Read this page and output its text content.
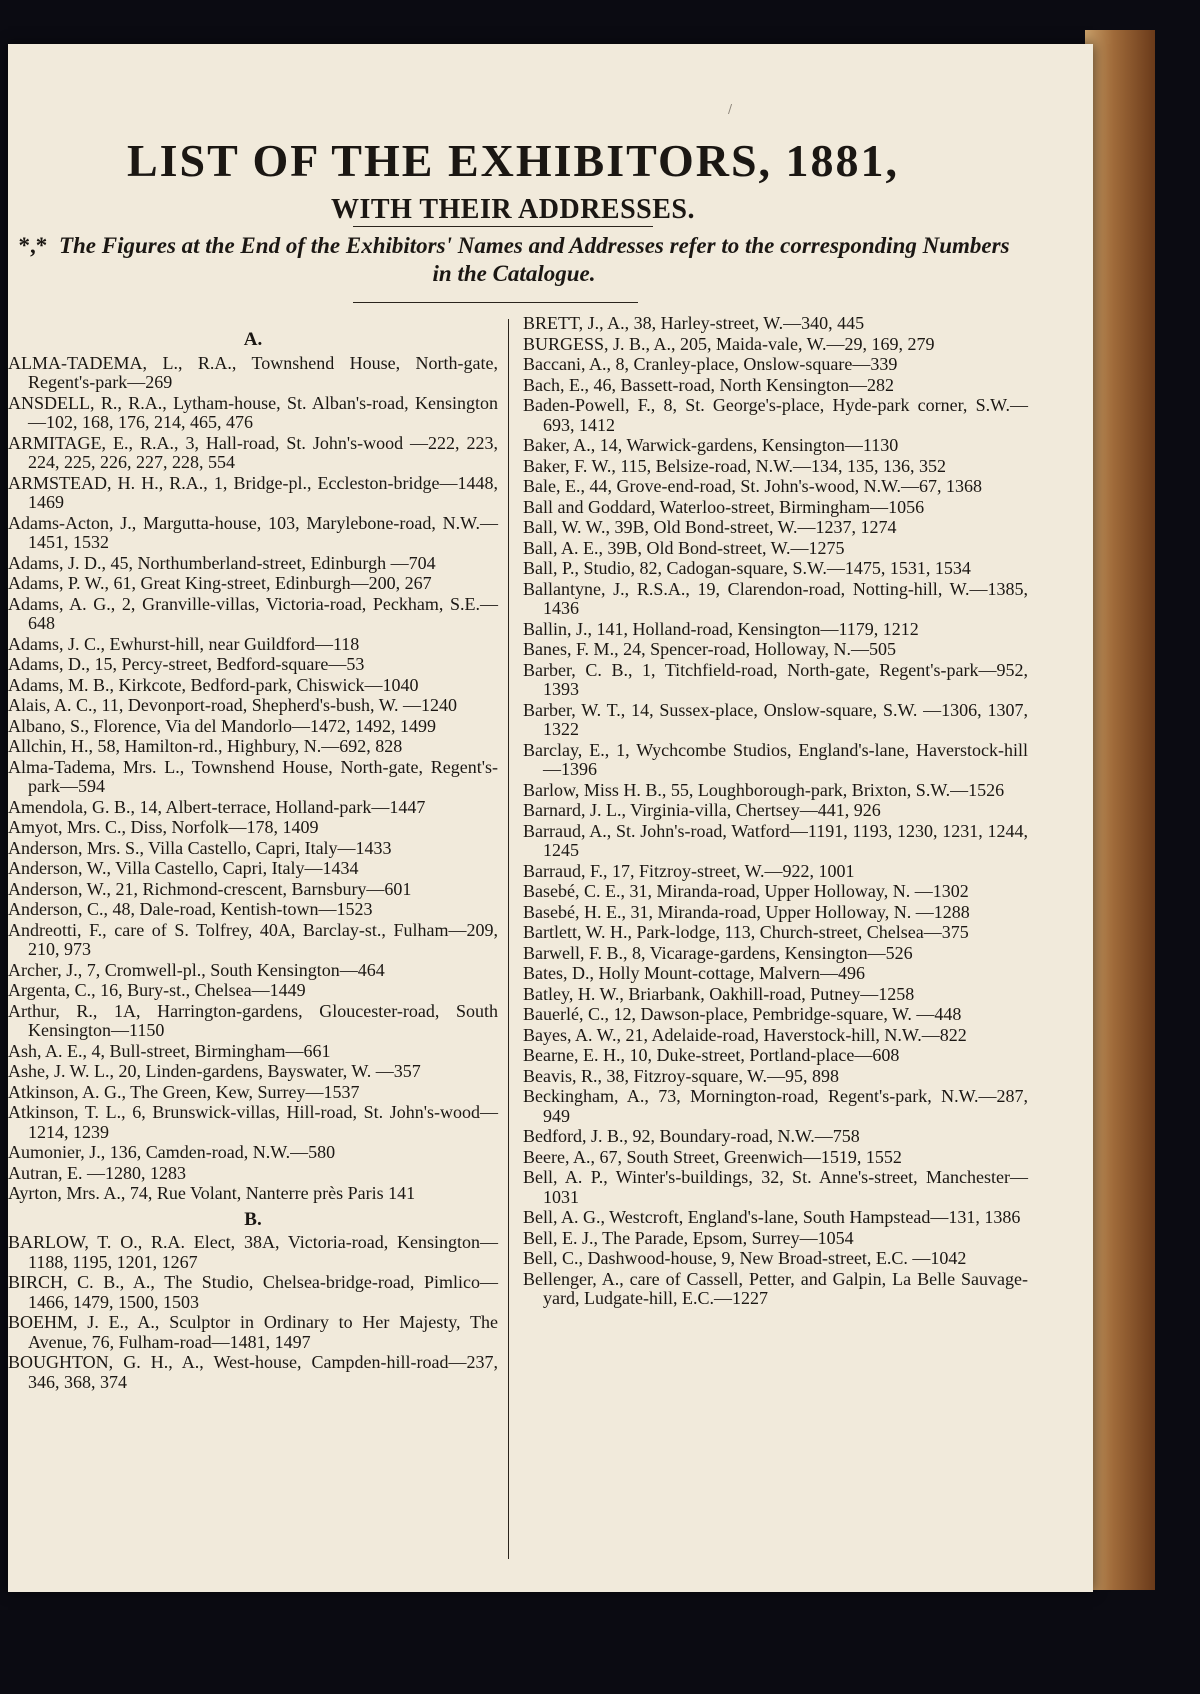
/
LIST OF THE EXHIBITORS, 1881,
WITH THEIR ADDRESSES.
*,* The Figures at the End of the Exhibitors' Names and Addresses refer to the corresponding Numbers in the Catalogue.
A.
ALMA-TADEMA, L., R.A., Townshend House, North-gate, Regent's-park—269
ANSDELL, R., R.A., Lytham-house, St. Alban's-road, Kensington—102, 168, 176, 214, 465, 476
ARMITAGE, E., R.A., 3, Hall-road, St. John's-wood —222, 223, 224, 225, 226, 227, 228, 554
ARMSTEAD, H. H., R.A., 1, Bridge-pl., Eccleston-bridge—1448, 1469
Adams-Acton, J., Margutta-house, 103, Marylebone-road, N.W.—1451, 1532
Adams, J. D., 45, Northumberland-street, Edinburgh —704
Adams, P. W., 61, Great King-street, Edinburgh—200, 267
Adams, A. G., 2, Granville-villas, Victoria-road, Peckham, S.E.—648
Adams, J. C., Ewhurst-hill, near Guildford—118
Adams, D., 15, Percy-street, Bedford-square—53
Adams, M. B., Kirkcote, Bedford-park, Chiswick—1040
Alais, A. C., 11, Devonport-road, Shepherd's-bush, W. —1240
Albano, S., Florence, Via del Mandorlo—1472, 1492, 1499
Allchin, H., 58, Hamilton-rd., Highbury, N.—692, 828
Alma-Tadema, Mrs. L., Townshend House, North-gate, Regent's-park—594
Amendola, G. B., 14, Albert-terrace, Holland-park—1447
Amyot, Mrs. C., Diss, Norfolk—178, 1409
Anderson, Mrs. S., Villa Castello, Capri, Italy—1433
Anderson, W., Villa Castello, Capri, Italy—1434
Anderson, W., 21, Richmond-crescent, Barnsbury—601
Anderson, C., 48, Dale-road, Kentish-town—1523
Andreotti, F., care of S. Tolfrey, 40A, Barclay-st., Fulham—209, 210, 973
Archer, J., 7, Cromwell-pl., South Kensington—464
Argenta, C., 16, Bury-st., Chelsea—1449
Arthur, R., 1A, Harrington-gardens, Gloucester-road, South Kensington—1150
Ash, A. E., 4, Bull-street, Birmingham—661
Ashe, J. W. L., 20, Linden-gardens, Bayswater, W. —357
Atkinson, A. G., The Green, Kew, Surrey—1537
Atkinson, T. L., 6, Brunswick-villas, Hill-road, St. John's-wood—1214, 1239
Aumonier, J., 136, Camden-road, N.W.—580
Autran, E. —1280, 1283
Ayrton, Mrs. A., 74, Rue Volant, Nanterre près Paris 141
B.
BARLOW, T. O., R.A. Elect, 38A, Victoria-road, Kensington—1188, 1195, 1201, 1267
BIRCH, C. B., A., The Studio, Chelsea-bridge-road, Pimlico—1466, 1479, 1500, 1503
BOEHM, J. E., A., Sculptor in Ordinary to Her Majesty, The Avenue, 76, Fulham-road—1481, 1497
BOUGHTON, G. H., A., West-house, Campden-hill-road—237, 346, 368, 374
BRETT, J., A., 38, Harley-street, W.—340, 445
BURGESS, J. B., A., 205, Maida-vale, W.—29, 169, 279
Baccani, A., 8, Cranley-place, Onslow-square—339
Bach, E., 46, Bassett-road, North Kensington—282
Baden-Powell, F., 8, St. George's-place, Hyde-park corner, S.W.—693, 1412
Baker, A., 14, Warwick-gardens, Kensington—1130
Baker, F. W., 115, Belsize-road, N.W.—134, 135, 136, 352
Bale, E., 44, Grove-end-road, St. John's-wood, N.W.—67, 1368
Ball and Goddard, Waterloo-street, Birmingham—1056
Ball, W. W., 39B, Old Bond-street, W.—1237, 1274
Ball, A. E., 39B, Old Bond-street, W.—1275
Ball, P., Studio, 82, Cadogan-square, S.W.—1475, 1531, 1534
Ballantyne, J., R.S.A., 19, Clarendon-road, Notting-hill, W.—1385, 1436
Ballin, J., 141, Holland-road, Kensington—1179, 1212
Banes, F. M., 24, Spencer-road, Holloway, N.—505
Barber, C. B., 1, Titchfield-road, North-gate, Regent's-park—952, 1393
Barber, W. T., 14, Sussex-place, Onslow-square, S.W. —1306, 1307, 1322
Barclay, E., 1, Wychcombe Studios, England's-lane, Haverstock-hill—1396
Barlow, Miss H. B., 55, Loughborough-park, Brixton, S.W.—1526
Barnard, J. L., Virginia-villa, Chertsey—441, 926
Barraud, A., St. John's-road, Watford—1191, 1193, 1230, 1231, 1244, 1245
Barraud, F., 17, Fitzroy-street, W.—922, 1001
Basebé, C. E., 31, Miranda-road, Upper Holloway, N. —1302
Basebé, H. E., 31, Miranda-road, Upper Holloway, N. —1288
Bartlett, W. H., Park-lodge, 113, Church-street, Chelsea—375
Barwell, F. B., 8, Vicarage-gardens, Kensington—526
Bates, D., Holly Mount-cottage, Malvern—496
Batley, H. W., Briarbank, Oakhill-road, Putney—1258
Bauerlé, C., 12, Dawson-place, Pembridge-square, W. —448
Bayes, A. W., 21, Adelaide-road, Haverstock-hill, N.W.—822
Bearne, E. H., 10, Duke-street, Portland-place—608
Beavis, R., 38, Fitzroy-square, W.—95, 898
Beckingham, A., 73, Mornington-road, Regent's-park, N.W.—287, 949
Bedford, J. B., 92, Boundary-road, N.W.—758
Beere, A., 67, South Street, Greenwich—1519, 1552
Bell, A. P., Winter's-buildings, 32, St. Anne's-street, Manchester—1031
Bell, A. G., Westcroft, England's-lane, South Hampstead—131, 1386
Bell, E. J., The Parade, Epsom, Surrey—1054
Bell, C., Dashwood-house, 9, New Broad-street, E.C. —1042
Bellenger, A., care of Cassell, Petter, and Galpin, La Belle Sauvage-yard, Ludgate-hill, E.C.—1227
